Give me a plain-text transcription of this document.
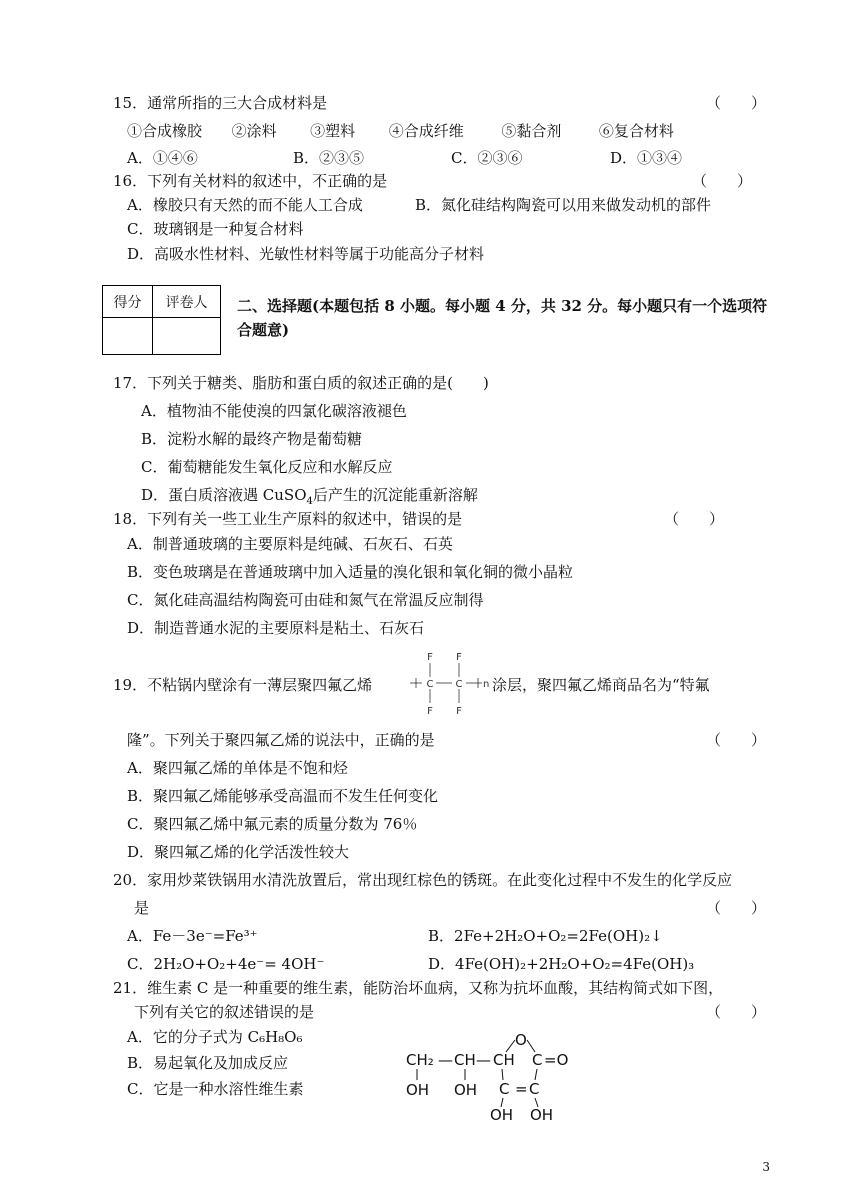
15．通常所指的三大合成材料是	（　　）
①合成橡胶 ②涂料 ③塑料 ④合成纤维	⑤黏合剂	⑥复合材料
A．①④⑥	B．②③⑤	C．②③⑥	D．①③④
16．下列有关材料的叙述中，不正确的是	（　　）
A．橡胶只有天然的而不能人工合成	B．氮化硅结构陶瓷可以用来做发动机的部件
C．玻璃钢是一种复合材料
D．高吸水性材料、光敏性材料等属于功能高分子材料
得分	评卷人
	二、选择题(本题包括 8 小题。每小题 4 分，共 32 分。每小题只有一个选项符合题意)
17．下列关于糖类、脂肪和蛋白质的叙述正确的是(　　)
A．植物油不能使溴的四氯化碳溶液褪色
B．淀粉水解的最终产物是葡萄糖
C．葡萄糖能发生氧化反应和水解反应
D．蛋白质溶液遇 CuSO$_4$后产生的沉淀能重新溶解
18．下列有关一些工业生产原料的叙述中，错误的是	（　　）
A．制普通玻璃的主要原料是纯碱、石灰石、石英
B．变色玻璃是在普通玻璃中加入适量的溴化银和氧化铜的微小晶粒
C．氮化硅高温结构陶瓷可由硅和氮气在常温反应制得
D．制造普通水泥的主要原料是粘土、石灰石
19．不粘锅内壁涂有一薄层聚四氟乙烯
F F
C C
F F
n 涂层，聚四氟乙烯商品名为“特氟
隆”。下列关于聚四氟乙烯的说法中，正确的是	（　　）
A．聚四氟乙烯的单体是不饱和烃
B．聚四氟乙烯能够承受高温而不发生任何变化
C．聚四氟乙烯中氟元素的质量分数为 76％
D．聚四氟乙烯的化学活泼性较大
20．家用炒菜铁锅用水清洗放置后，常出现红棕色的锈斑。在此变化过程中不发生的化学反应
是	（　　）
A．Fe－3e⁻=Fe³⁺	B．2Fe+2H₂O+O₂=2Fe(OH)₂↓
C．2H₂O+O₂+4e⁻= 4OH⁻	D．4Fe(OH)₂+2H₂O+O₂=4Fe(OH)₃
21．维生素 C 是一种重要的维生素，能防治坏血病，又称为抗坏血酸，其结构简式如下图，
下列有关它的叙述错误的是	（　　）
A．它的分子式为 C₆H₈O₆
B．易起氧化及加成反应
C．它是一种水溶性维生素
CH₂ — CH — CH C =O
O
C = C
OH OH
OH OH
3
